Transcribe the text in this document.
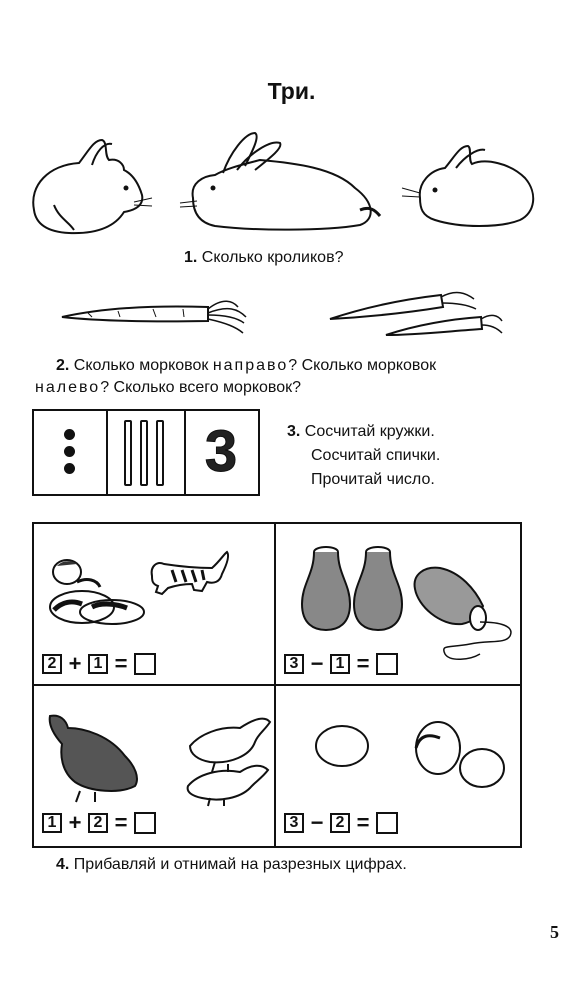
Три.
1. Сколько кроликов?
2. Сколько морковок направо? Сколько морковок
налево? Сколько всего морковок?
3	3. Сосчитай кружки.
Сосчитай спички.
Прочитай число.
2 + 1 =	3 − 1 =
1 + 2 =	3 − 2 =
4. Прибавляй и отнимай на разрезных цифрах.
5
